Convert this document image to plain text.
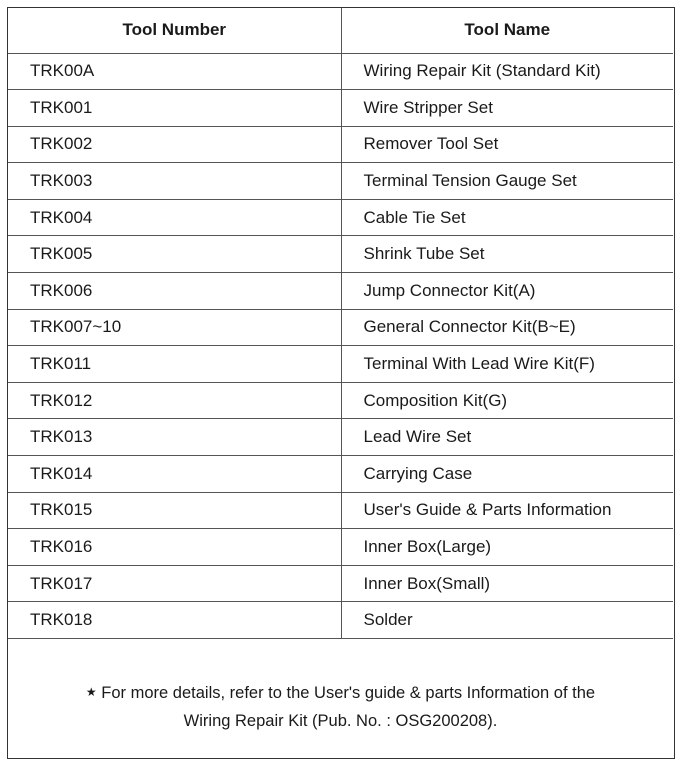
Tool Number	Tool Name
TRK00A	Wiring Repair Kit (Standard Kit)
TRK001	Wire Stripper Set
TRK002	Remover Tool Set
TRK003	Terminal Tension Gauge Set
TRK004	Cable Tie Set
TRK005	Shrink Tube Set
TRK006	Jump Connector Kit(A)
TRK007~10	General Connector Kit(B~E)
TRK011	Terminal With Lead Wire Kit(F)
TRK012	Composition Kit(G)
TRK013	Lead Wire Set
TRK014	Carrying Case
TRK015	User's Guide & Parts Information
TRK016	Inner Box(Large)
TRK017	Inner Box(Small)
TRK018	Solder
★ For more details, refer to the User's guide & parts Information of the
Wiring Repair Kit (Pub. No. : OSG200208).
